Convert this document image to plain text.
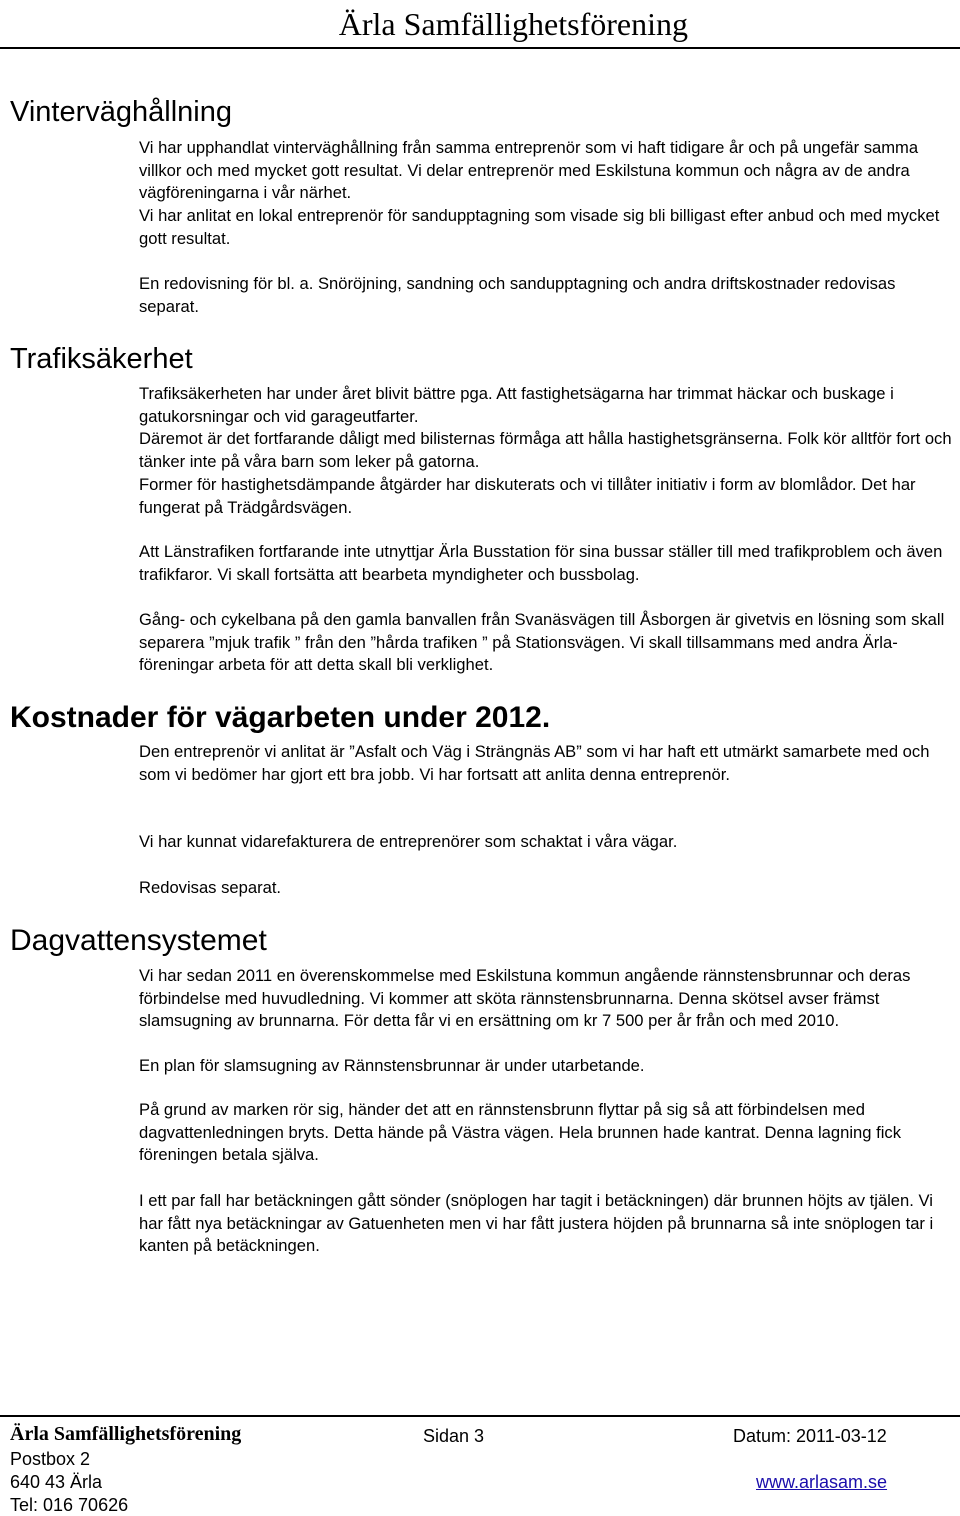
Ärla Samfällighetsförening
Vinterväghållning
Vi har upphandlat vinterväghållning från samma entreprenör som vi haft tidigare år och på ungefär samma villkor och med mycket gott resultat. Vi delar entreprenör med Eskilstuna kommun och några av de andra vägföreningarna i vår närhet.
Vi har anlitat en lokal entreprenör för sandupptagning som visade sig bli billigast efter anbud och med mycket gott resultat.
En redovisning för bl. a. Snöröjning, sandning och sandupptagning och andra driftskostnader redovisas separat.
Trafiksäkerhet
Trafiksäkerheten har under året blivit bättre pga. Att fastighetsägarna har trimmat häckar och buskage i gatukorsningar och vid garageutfarter.
Däremot är det fortfarande dåligt med bilisternas förmåga att hålla hastighetsgränserna. Folk kör alltför fort och tänker inte på våra barn som leker på gatorna.
Former för hastighetsdämpande åtgärder har diskuterats och vi tillåter initiativ i form av blomlådor. Det har fungerat på Trädgårdsvägen.
Att Länstrafiken fortfarande inte utnyttjar Ärla Busstation för sina bussar ställer till med trafikproblem och även trafikfaror. Vi skall fortsätta att bearbeta myndigheter och bussbolag.
Gång- och cykelbana på den gamla banvallen från Svanäsvägen till Åsborgen är givetvis en lösning som skall separera ”mjuk trafik ” från den ”hårda trafiken ” på Stationsvägen. Vi skall tillsammans med andra Ärla-föreningar arbeta för att detta skall bli verklighet.
Kostnader för vägarbeten under 2012.
Den entreprenör vi anlitat är ”Asfalt och Väg i Strängnäs AB” som vi har haft ett utmärkt samarbete med och som vi bedömer har gjort ett bra jobb. Vi har fortsatt att anlita denna entreprenör.
Vi har kunnat vidarefakturera de entreprenörer som schaktat i våra vägar.
Redovisas separat.
Dagvattensystemet
Vi har sedan 2011 en överenskommelse med Eskilstuna kommun angående rännstensbrunnar och deras förbindelse med huvudledning. Vi kommer att sköta rännstensbrunnarna. Denna skötsel avser främst slamsugning av brunnarna. För detta får vi en ersättning om kr 7 500 per år från och med 2010.
En plan för slamsugning av Rännstensbrunnar är under utarbetande.
På grund av marken rör sig, händer det att en rännstensbrunn flyttar på sig så att förbindelsen med dagvattenledningen bryts. Detta hände på Västra vägen. Hela brunnen hade kantrat. Denna lagning fick föreningen betala själva.
I ett par fall har betäckningen gått sönder (snöplogen har tagit i betäckningen) där brunnen höjts av tjälen. Vi har fått nya betäckningar av Gatuenheten men vi har fått justera höjden på brunnarna så inte snöplogen tar i kanten på betäckningen.
Ärla Samfällighetsförening	Sidan 3	Datum: 2011-03-12
Postbox 2
640 43 Ärla	www.arlasam.se
Tel: 016 70626
